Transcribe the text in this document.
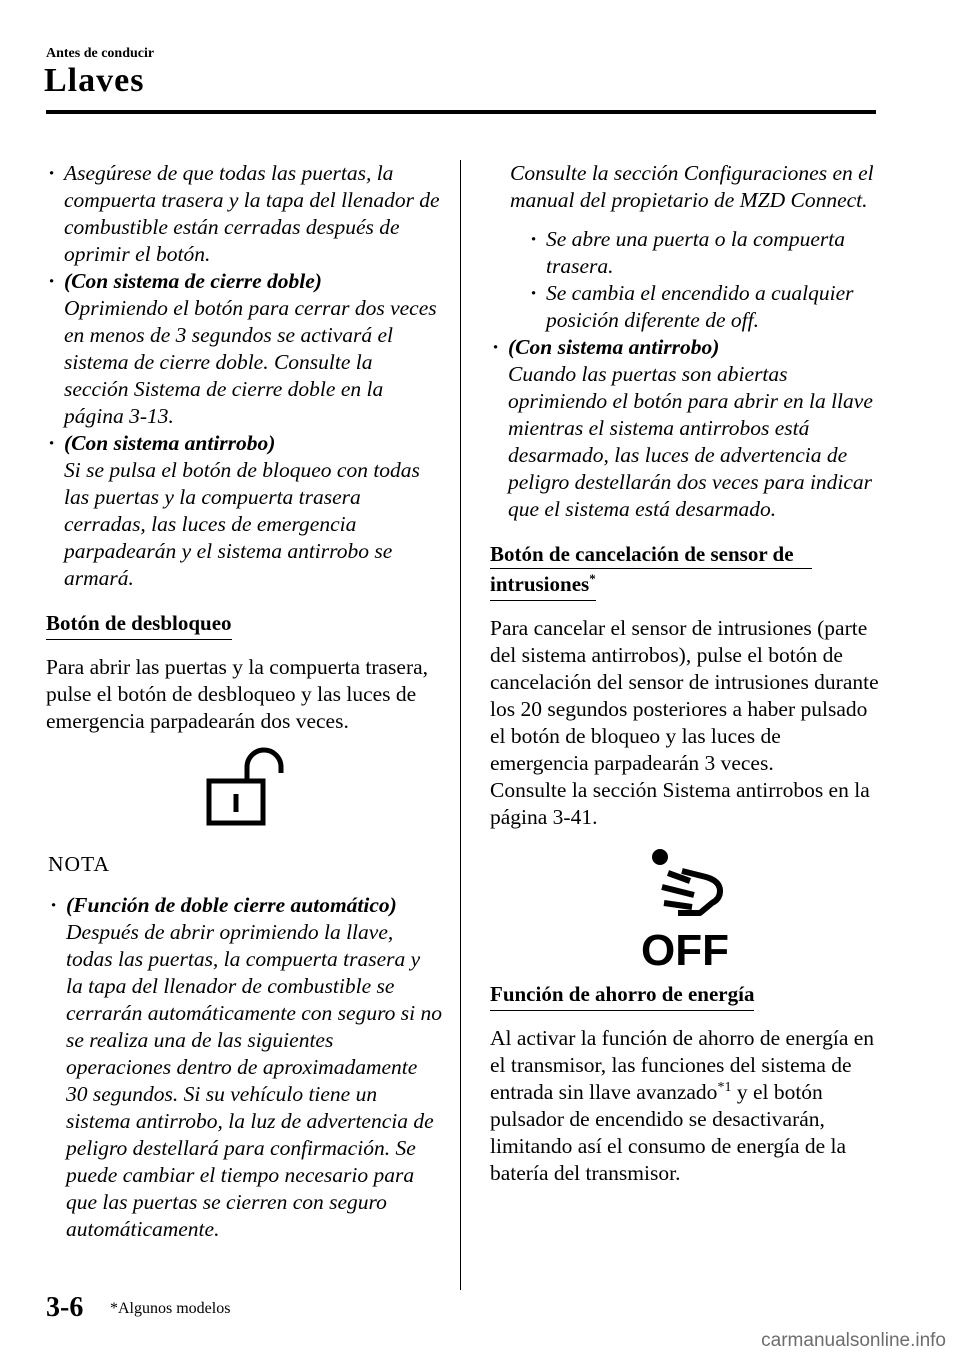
Antes de conducir
Llaves

· Asegúrese de que todas las puertas, la compuerta trasera y la tapa del llenador de combustible están cerradas después de oprimir el botón.

· (Con sistema de cierre doble)

Oprimiendo el botón para cerrar dos veces en menos de 3 segundos se activará el sistema de cierre doble. Consulte la sección Sistema de cierre doble en la página 3-13.

· (Con sistema antirrobo)

Si se pulsa el botón de bloqueo con todas las puertas y la compuerta trasera cerradas, las luces de emergencia parpadearán y el sistema antirrobo se armará.

Botón de desbloqueo

Para abrir las puertas y la compuerta trasera, pulse el botón de desbloqueo y las luces de emergencia parpadearán dos veces.

NOTA

· (Función de doble cierre automático)

Después de abrir oprimiendo la llave, todas las puertas, la compuerta trasera y la tapa del llenador de combustible se cerrarán automáticamente con seguro si no se realiza una de las siguientes operaciones dentro de aproximadamente 30 segundos. Si su vehículo tiene un sistema antirrobo, la luz de advertencia de peligro destellará para confirmación. Se puede cambiar el tiempo necesario para que las puertas se cierren con seguro automáticamente.

Consulte la sección Configuraciones en el manual del propietario de MZD Connect.

· Se abre una puerta o la compuerta trasera.

· Se cambia el encendido a cualquier posición diferente de off.

· (Con sistema antirrobo)

Cuando las puertas son abiertas oprimiendo el botón para abrir en la llave mientras el sistema antirrobos está desarmado, las luces de advertencia de peligro destellarán dos veces para indicar que el sistema está desarmado.

Botón de cancelación de sensor de
intrusiones*

Para cancelar el sensor de intrusiones (parte del sistema antirrobos), pulse el botón de cancelación del sensor de intrusiones durante los 20 segundos posteriores a haber pulsado el botón de bloqueo y las luces de emergencia parpadearán 3 veces.

Consulte la sección Sistema antirrobos en la página 3-41.

OFF
Función de ahorro de energía

Al activar la función de ahorro de energía en el transmisor, las funciones del sistema de entrada sin llave avanzado$^{*1}$ y el botón pulsador de encendido se desactivarán, limitando así el consumo de energía de la batería del transmisor.

3-6 *Algunos modelos
carmanualsonline.info
